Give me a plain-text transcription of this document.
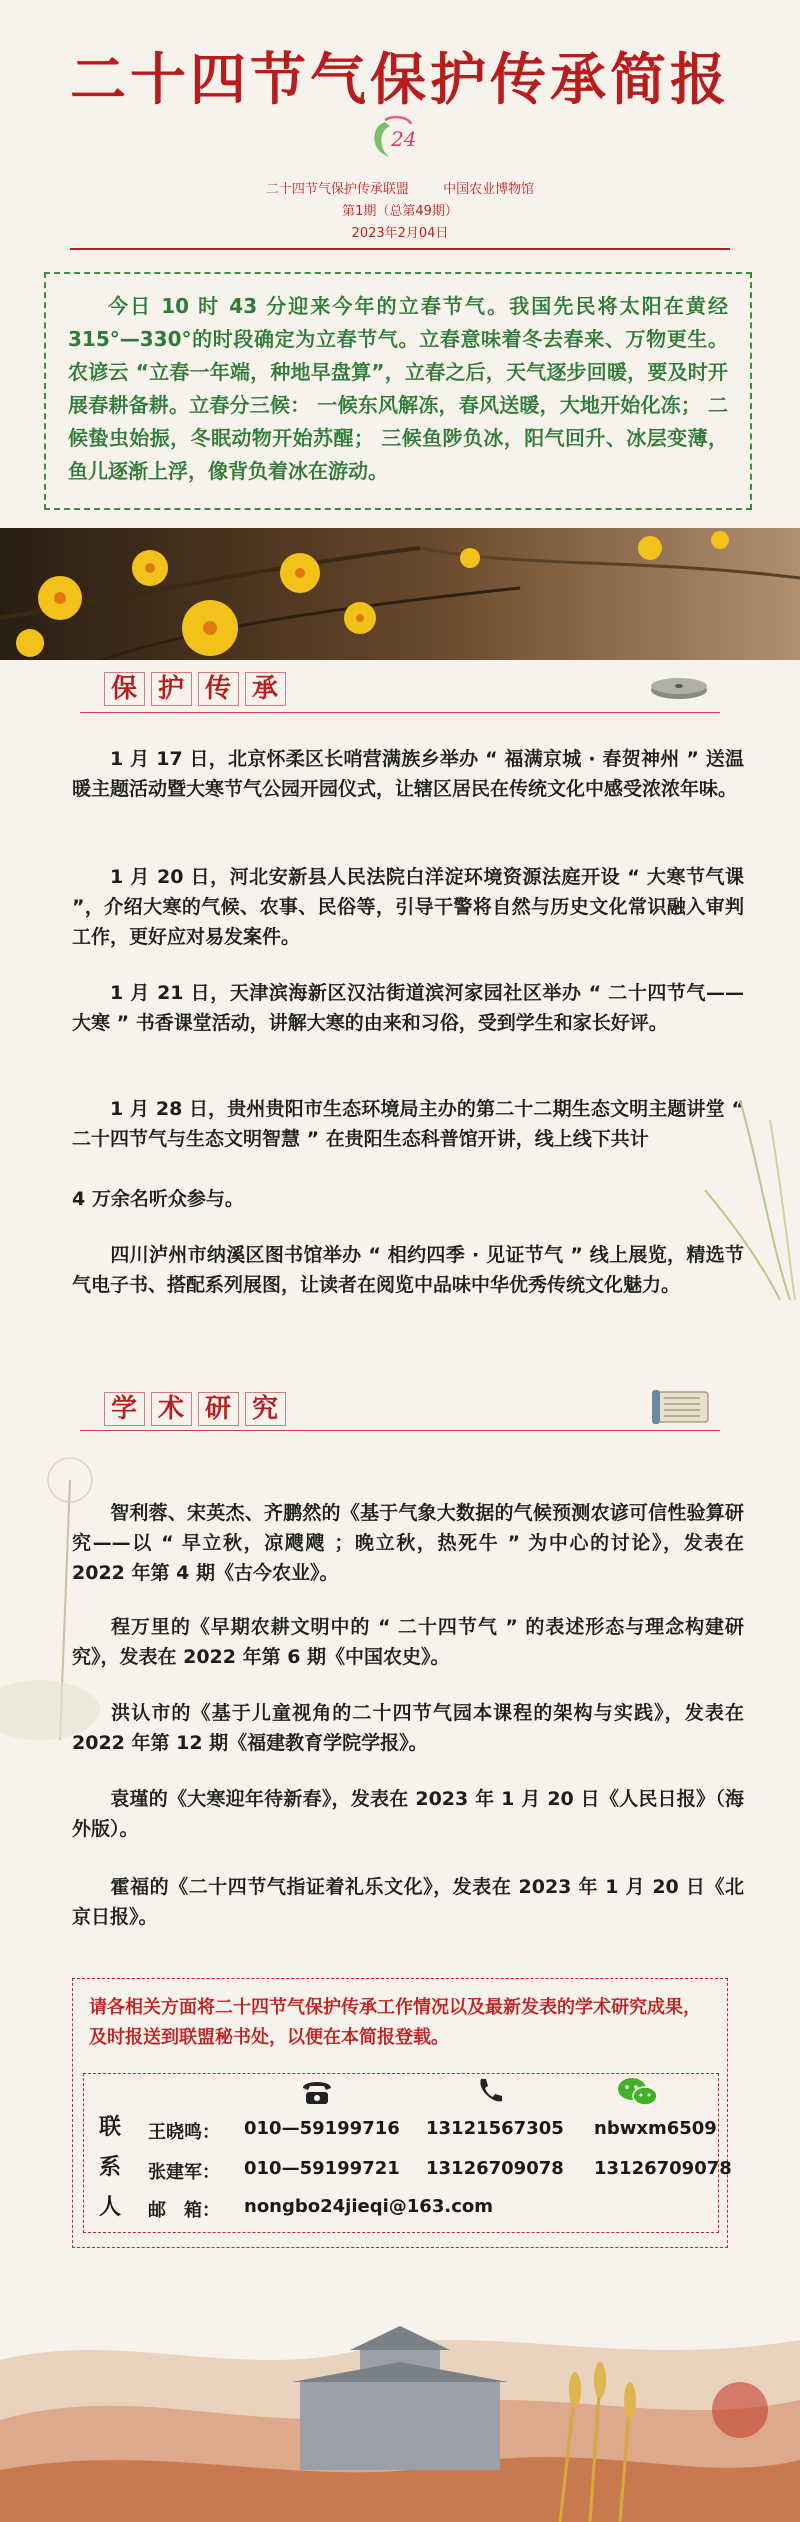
二十四节气保护传承简报
24
二十四节气保护传承联盟	中国农业博物馆
第1期（总第49期）
2023年2月04日
今日 10 时 43 分迎来今年的立春节气。我国先民将太阳在黄经 315°—330°的时段确定为立春节气。立春意味着冬去春来、万物更生。农谚云 “立春一年端，种地早盘算”，立春之后，天气逐步回暖，要及时开展春耕备耕。立春分三候： 一候东风解冻，春风送暖，大地开始化冻； 二候蛰虫始振，冬眠动物开始苏醒； 三候鱼陟负冰，阳气回升、冰层变薄，鱼儿逐渐上浮，像背负着冰在游动。
保 护 传 承
1 月 17 日，北京怀柔区长哨营满族乡举办 “ 福满京城 · 春贺神州 ” 送温暖主题活动暨大寒节气公园开园仪式，让辖区居民在传统文化中感受浓浓年味。
1 月 20 日，河北安新县人民法院白洋淀环境资源法庭开设 “ 大寒节气课 ”，介绍大寒的气候、农事、民俗等，引导干警将自然与历史文化常识融入审判工作，更好应对易发案件。
1 月 21 日，天津滨海新区汉沽街道滨河家园社区举办 “ 二十四节气——大寒 ” 书香课堂活动，讲解大寒的由来和习俗，受到学生和家长好评。
1 月 28 日，贵州贵阳市生态环境局主办的第二十二期生态文明主题讲堂 “ 二十四节气与生态文明智慧 ” 在贵阳生态科普馆开讲，线上线下共计
4 万余名听众参与。
四川泸州市纳溪区图书馆举办 “ 相约四季 · 见证节气 ” 线上展览，精选节气电子书、搭配系列展图，让读者在阅览中品味中华优秀传统文化魅力。
学 术 研 究
智利蓉、宋英杰、齐鹏然的《基于气象大数据的气候预测农谚可信性验算研究——以 “ 早立秋，凉飕飕 ；晚立秋，热死牛 ” 为中心的讨论》，发表在 2022 年第 4 期《古今农业》。
程万里的《早期农耕文明中的 “ 二十四节气 ” 的表述形态与理念构建研究》，发表在 2022 年第 6 期《中国农史》。
洪认市的《基于儿童视角的二十四节气园本课程的架构与实践》，发表在 2022 年第 12 期《福建教育学院学报》。
袁瑾的《大寒迎年待新春》，发表在 2023 年 1 月 20 日《人民日报》（海外版）。
霍福的《二十四节气指证着礼乐文化》，发表在 2023 年 1 月 20 日《北京日报》。
请各相关方面将二十四节气保护传承工作情况以及最新发表的学术研究成果，及时报送到联盟秘书处，以便在本简报登载。
联
系
人
王晓鸣： 010—59199716 13121567305 nbwxm6509
张建军： 010—59199721 13126709078 13126709078
邮　箱： nongbo24jieqi@163.com
